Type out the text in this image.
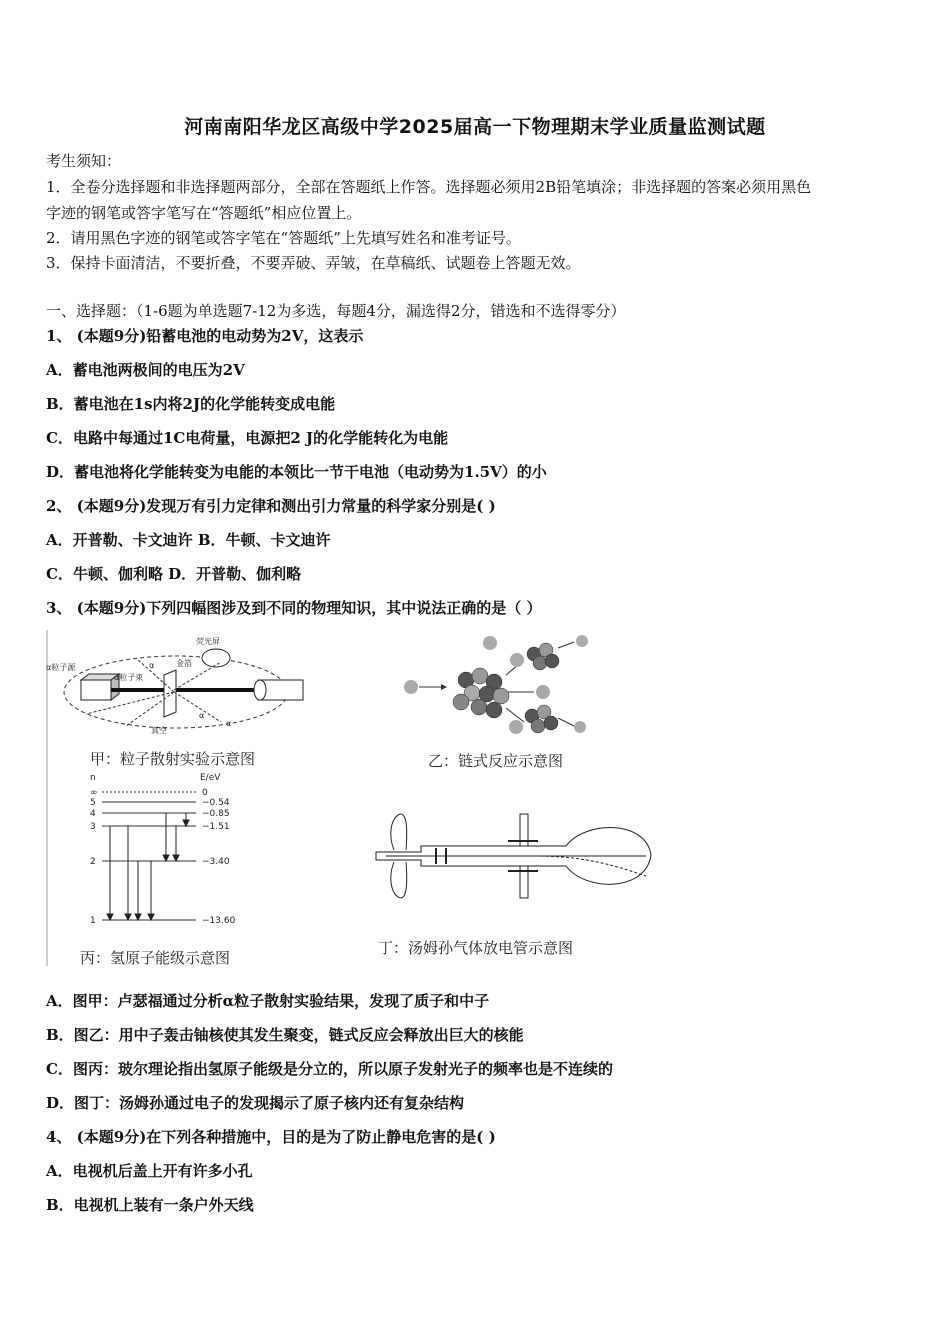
河南南阳华龙区高级中学2025届高一下物理期末学业质量监测试题
考生须知：
1．全卷分选择题和非选择题两部分，全部在答题纸上作答。选择题必须用2B铅笔填涂；非选择题的答案必须用黑色
字迹的钢笔或答字笔写在“答题纸”相应位置上。
2．请用黑色字迹的钢笔或答字笔在“答题纸”上先填写姓名和准考证号。
3．保持卡面清洁，不要折叠，不要弄破、弄皱，在草稿纸、试题卷上答题无效。
一、选择题：（1-6题为单选题7-12为多选，每题4分，漏选得2分，错选和不选得零分）
1、 (本题9分)铅蓄电池的电动势为2V，这表示
A．蓄电池两极间的电压为2V
B．蓄电池在1s内将2J的化学能转变成电能
C．电路中每通过1C电荷量，电源把2 J的化学能转化为电能
D．蓄电池将化学能转变为电能的本领比一节干电池（电动势为1.5V）的小
2、 (本题9分)发现万有引力定律和测出引力常量的科学家分别是( )
A．开普勒、卡文迪许 B．牛顿、卡文迪许
C．牛顿、伽利略 D．开普勒、伽利略
3、 (本题9分)下列四幅图涉及到不同的物理知识，其中说法正确的是（ ）
α粒子源
α粒子束
荧光屏
金箔
真空
α
α
α
甲：粒子散射实验示意图	乙：链式反应示意图
n	E/eV
∞	0
5	−0.54
4	−0.85
3	−1.51
2	−3.40
1	−13.60
丙：氢原子能级示意图
丁：汤姆孙气体放电管示意图
A．图甲：卢瑟福通过分析α粒子散射实验结果，发现了质子和中子
B．图乙：用中子轰击铀核使其发生聚变，链式反应会释放出巨大的核能
C．图丙：玻尔理论指出氢原子能级是分立的，所以原子发射光子的频率也是不连续的
D．图丁：汤姆孙通过电子的发现揭示了原子核内还有复杂结构
4、 (本题9分)在下列各种措施中，目的是为了防止静电危害的是( )
A．电视机后盖上开有许多小孔
B．电视机上装有一条户外天线
